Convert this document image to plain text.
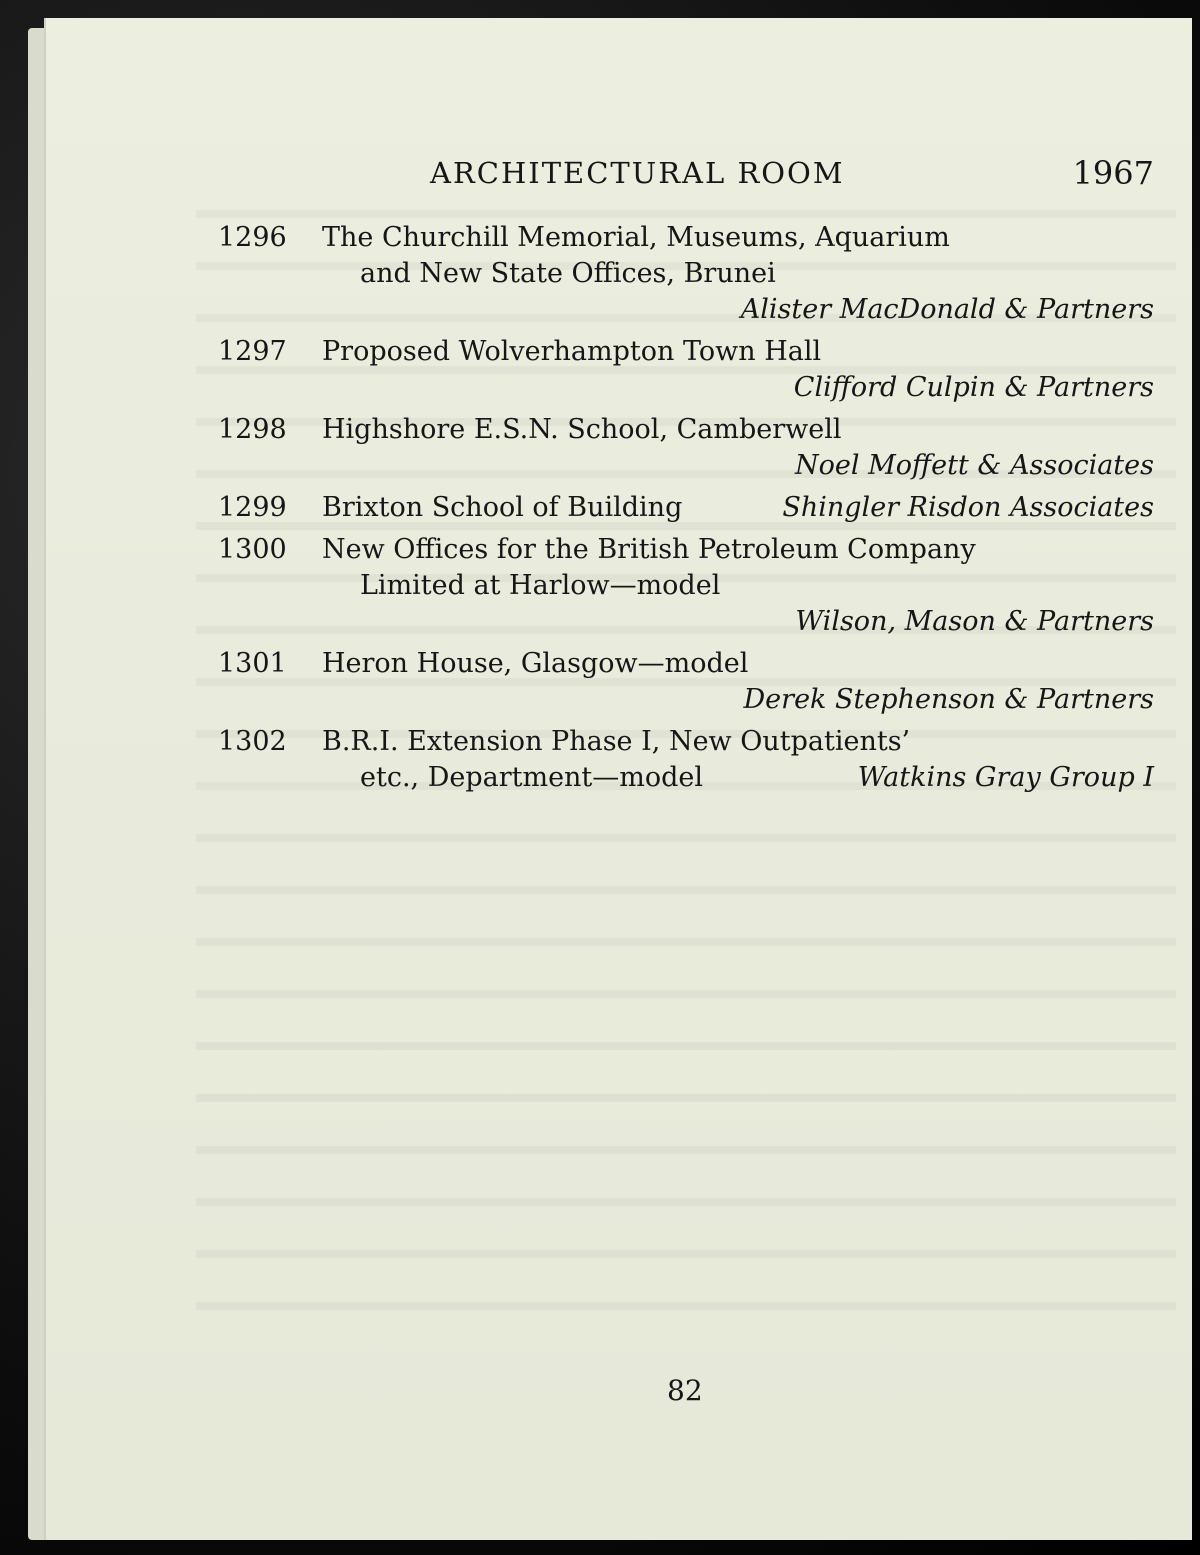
ARCHITECTURAL ROOM	1967
1296 The Churchill Memorial, Museums, Aquarium
and New State Offices, Brunei
Alister MacDonald & Partners
1297 Proposed Wolverhampton Town Hall
Clifford Culpin & Partners
1298 Highshore E.S.N. School, Camberwell
Noel Moffett & Associates
1299 Brixton School of Building	Shingler Risdon Associates
1300 New Offices for the British Petroleum Company
Limited at Harlow—model
Wilson, Mason & Partners
1301 Heron House, Glasgow—model
Derek Stephenson & Partners
1302 B.R.I. Extension Phase I, New Outpatients’
etc., Department—model	Watkins Gray Group I
82
